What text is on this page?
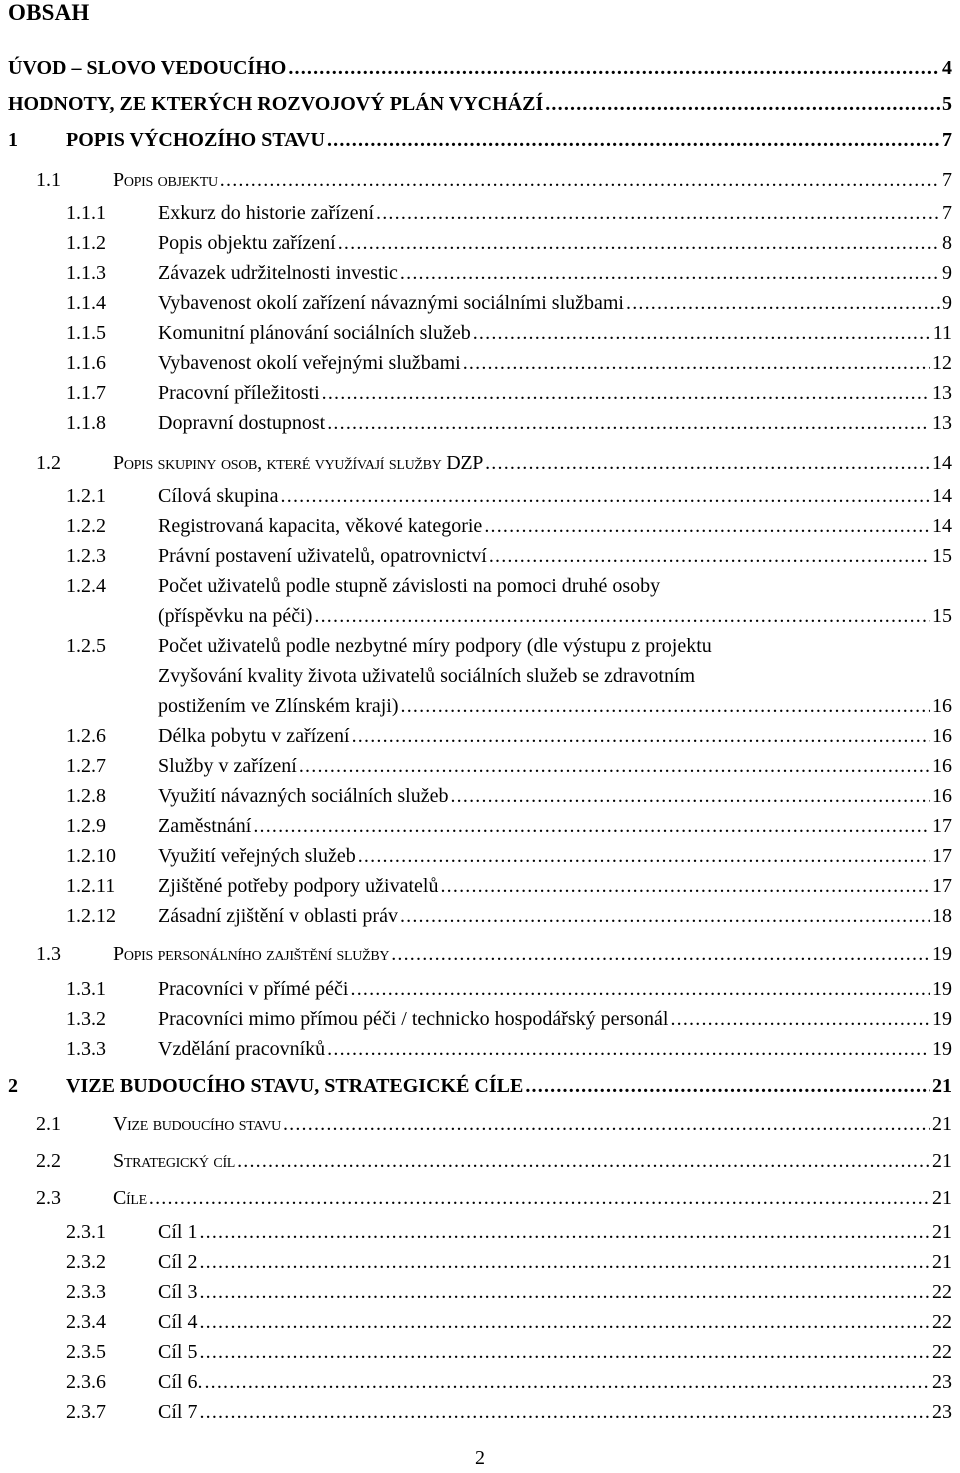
OBSAH
ÚVOD – SLOVO VEDOUCÍHO .....	4
HODNOTY, ZE KTERÝCH ROZVOJOVÝ PLÁN VYCHÁZÍ .....	5
1	POPIS VÝCHOZÍHO STAVU .....	7
1.1	Popis objektu .....	7
1.1.1	Exkurz do historie zařízení .....	7
1.1.2	Popis objektu zařízení .....	8
1.1.3	Závazek udržitelnosti investic .....	9
1.1.4	Vybavenost okolí zařízení návaznými sociálními službami .....	9
1.1.5	Komunitní plánování sociálních služeb .....	11
1.1.6	Vybavenost okolí veřejnými službami .....	12
1.1.7	Pracovní příležitosti .....	13
1.1.8	Dopravní dostupnost .....	13
1.2	Popis skupiny osob, které využívají služby DZP .....	14
1.2.1	Cílová skupina .....	14
1.2.2	Registrovaná kapacita, věkové kategorie .....	14
1.2.3	Právní postavení uživatelů, opatrovnictví .....	15
1.2.4	Počet uživatelů podle stupně závislosti na pomoci druhé osoby
(příspěvku na péči) .....	15
1.2.5	Počet uživatelů podle nezbytné míry podpory (dle výstupu z projektu
Zvyšování kvality života uživatelů sociálních služeb se zdravotním
postižením ve Zlínském kraji) .....	16
1.2.6	Délka pobytu v zařízení .....	16
1.2.7	Služby v zařízení .....	16
1.2.8	Využití návazných sociálních služeb .....	16
1.2.9	Zaměstnání .....	17
1.2.10	Využití veřejných služeb .....	17
1.2.11	Zjištěné potřeby podpory uživatelů .....	17
1.2.12	Zásadní zjištění v oblasti práv .....	18
1.3	Popis personálního zajištění služby .....	19
1.3.1	Pracovníci v přímé péči .....	19
1.3.2	Pracovníci mimo přímou péči / technicko hospodářský personál .....	19
1.3.3	Vzdělání pracovníků .....	19
2	VIZE BUDOUCÍHO STAVU, STRATEGICKÉ CÍLE .....	21
2.1	Vize budoucího stavu .....	21
2.2	Strategický cíl .....	21
2.3	Cíle .....	21
2.3.1	Cíl 1 .....	21
2.3.2	Cíl 2 .....	21
2.3.3	Cíl 3 .....	22
2.3.4	Cíl 4 .....	22
2.3.5	Cíl 5 .....	22
2.3.6	Cíl 6. .....	23
2.3.7	Cíl 7 .....	23
2
